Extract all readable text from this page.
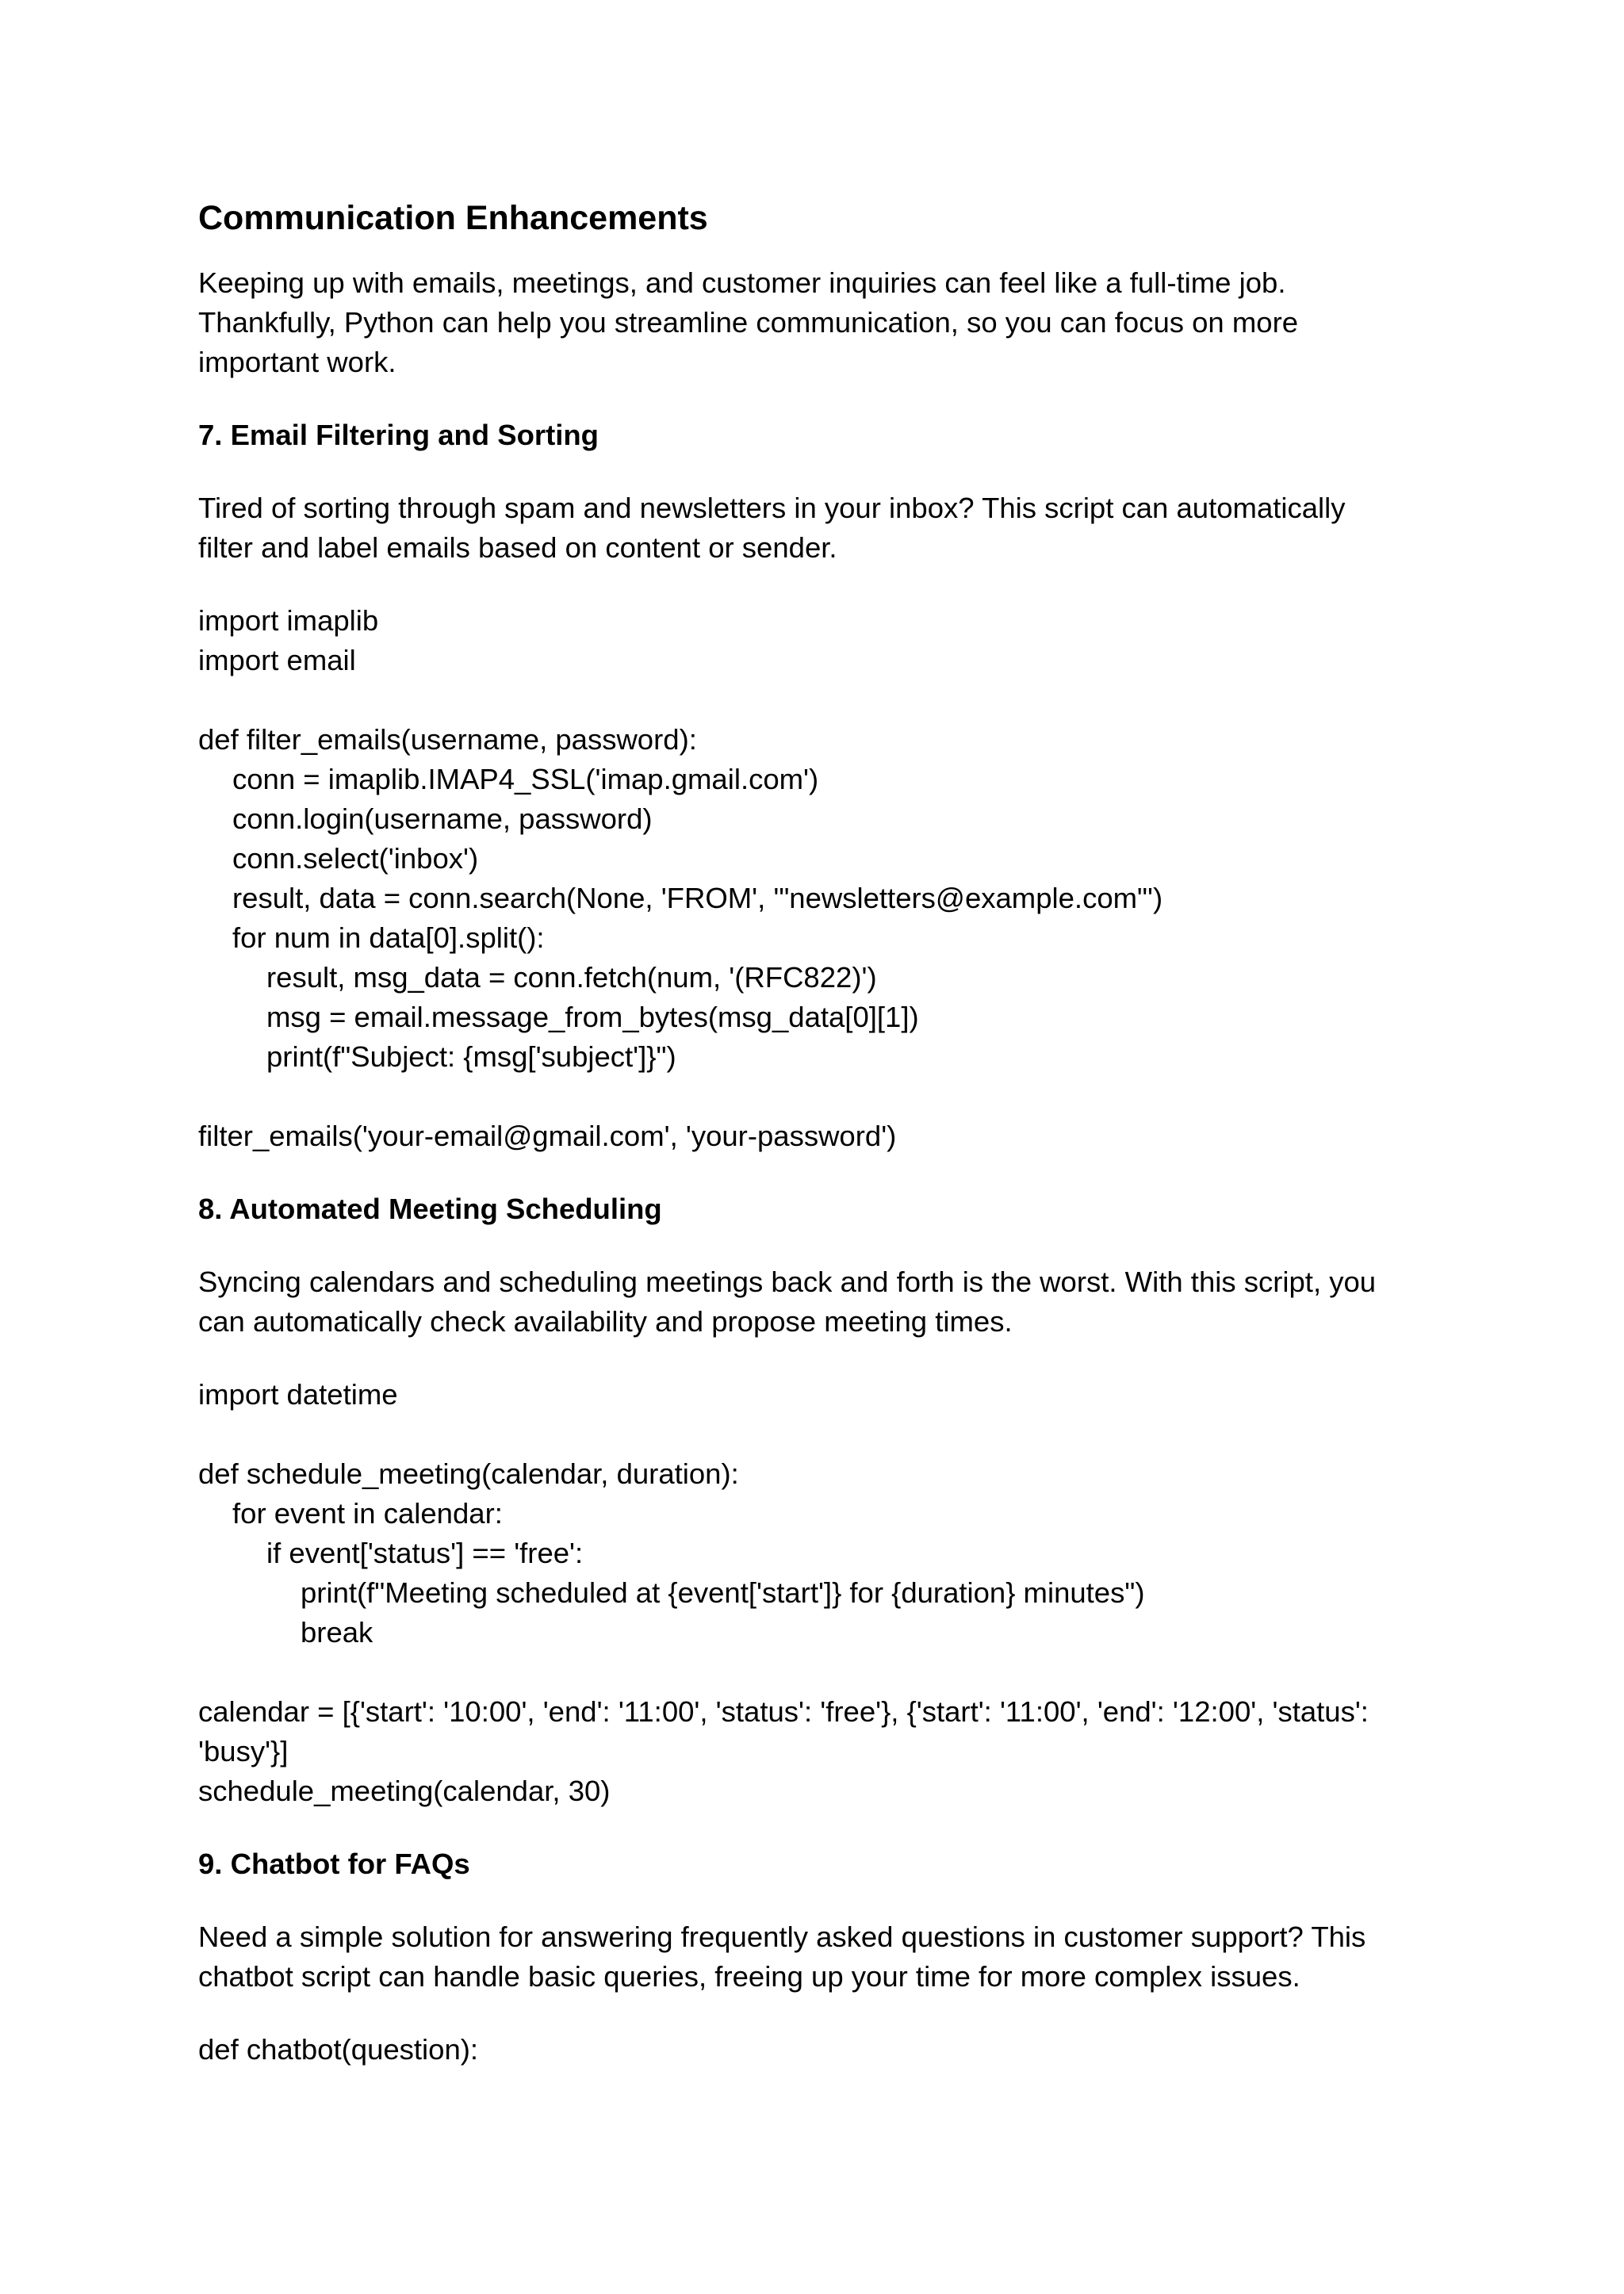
Communication Enhancements

Keeping up with emails, meetings, and customer inquiries can feel like a full-time job.
Thankfully, Python can help you streamline communication, so you can focus on more
important work.

7. Email Filtering and Sorting

Tired of sorting through spam and newsletters in your inbox? This script can automatically
filter and label emails based on content or sender.

import imaplib
import email
def filter_emails(username, password):
conn = imaplib.IMAP4_SSL('imap.gmail.com')
conn.login(username, password)
conn.select('inbox')
result, data = conn.search(None, 'FROM', '"newsletters@example.com"')
for num in data[0].split():
result, msg_data = conn.fetch(num, '(RFC822)')
msg = email.message_from_bytes(msg_data[0][1])
print(f"Subject: {msg['subject']}")
filter_emails('your-email@gmail.com', 'your-password')
8. Automated Meeting Scheduling

Syncing calendars and scheduling meetings back and forth is the worst. With this script, you
can automatically check availability and propose meeting times.

import datetime
def schedule_meeting(calendar, duration):
for event in calendar:
if event['status'] == 'free':
print(f"Meeting scheduled at {event['start']} for {duration} minutes")
break
calendar = [{'start': '10:00', 'end': '11:00', 'status': 'free'}, {'start': '11:00', 'end': '12:00', 'status':
'busy'}]
schedule_meeting(calendar, 30)
9. Chatbot for FAQs

Need a simple solution for answering frequently asked questions in customer support? This
chatbot script can handle basic queries, freeing up your time for more complex issues.

def chatbot(question):
